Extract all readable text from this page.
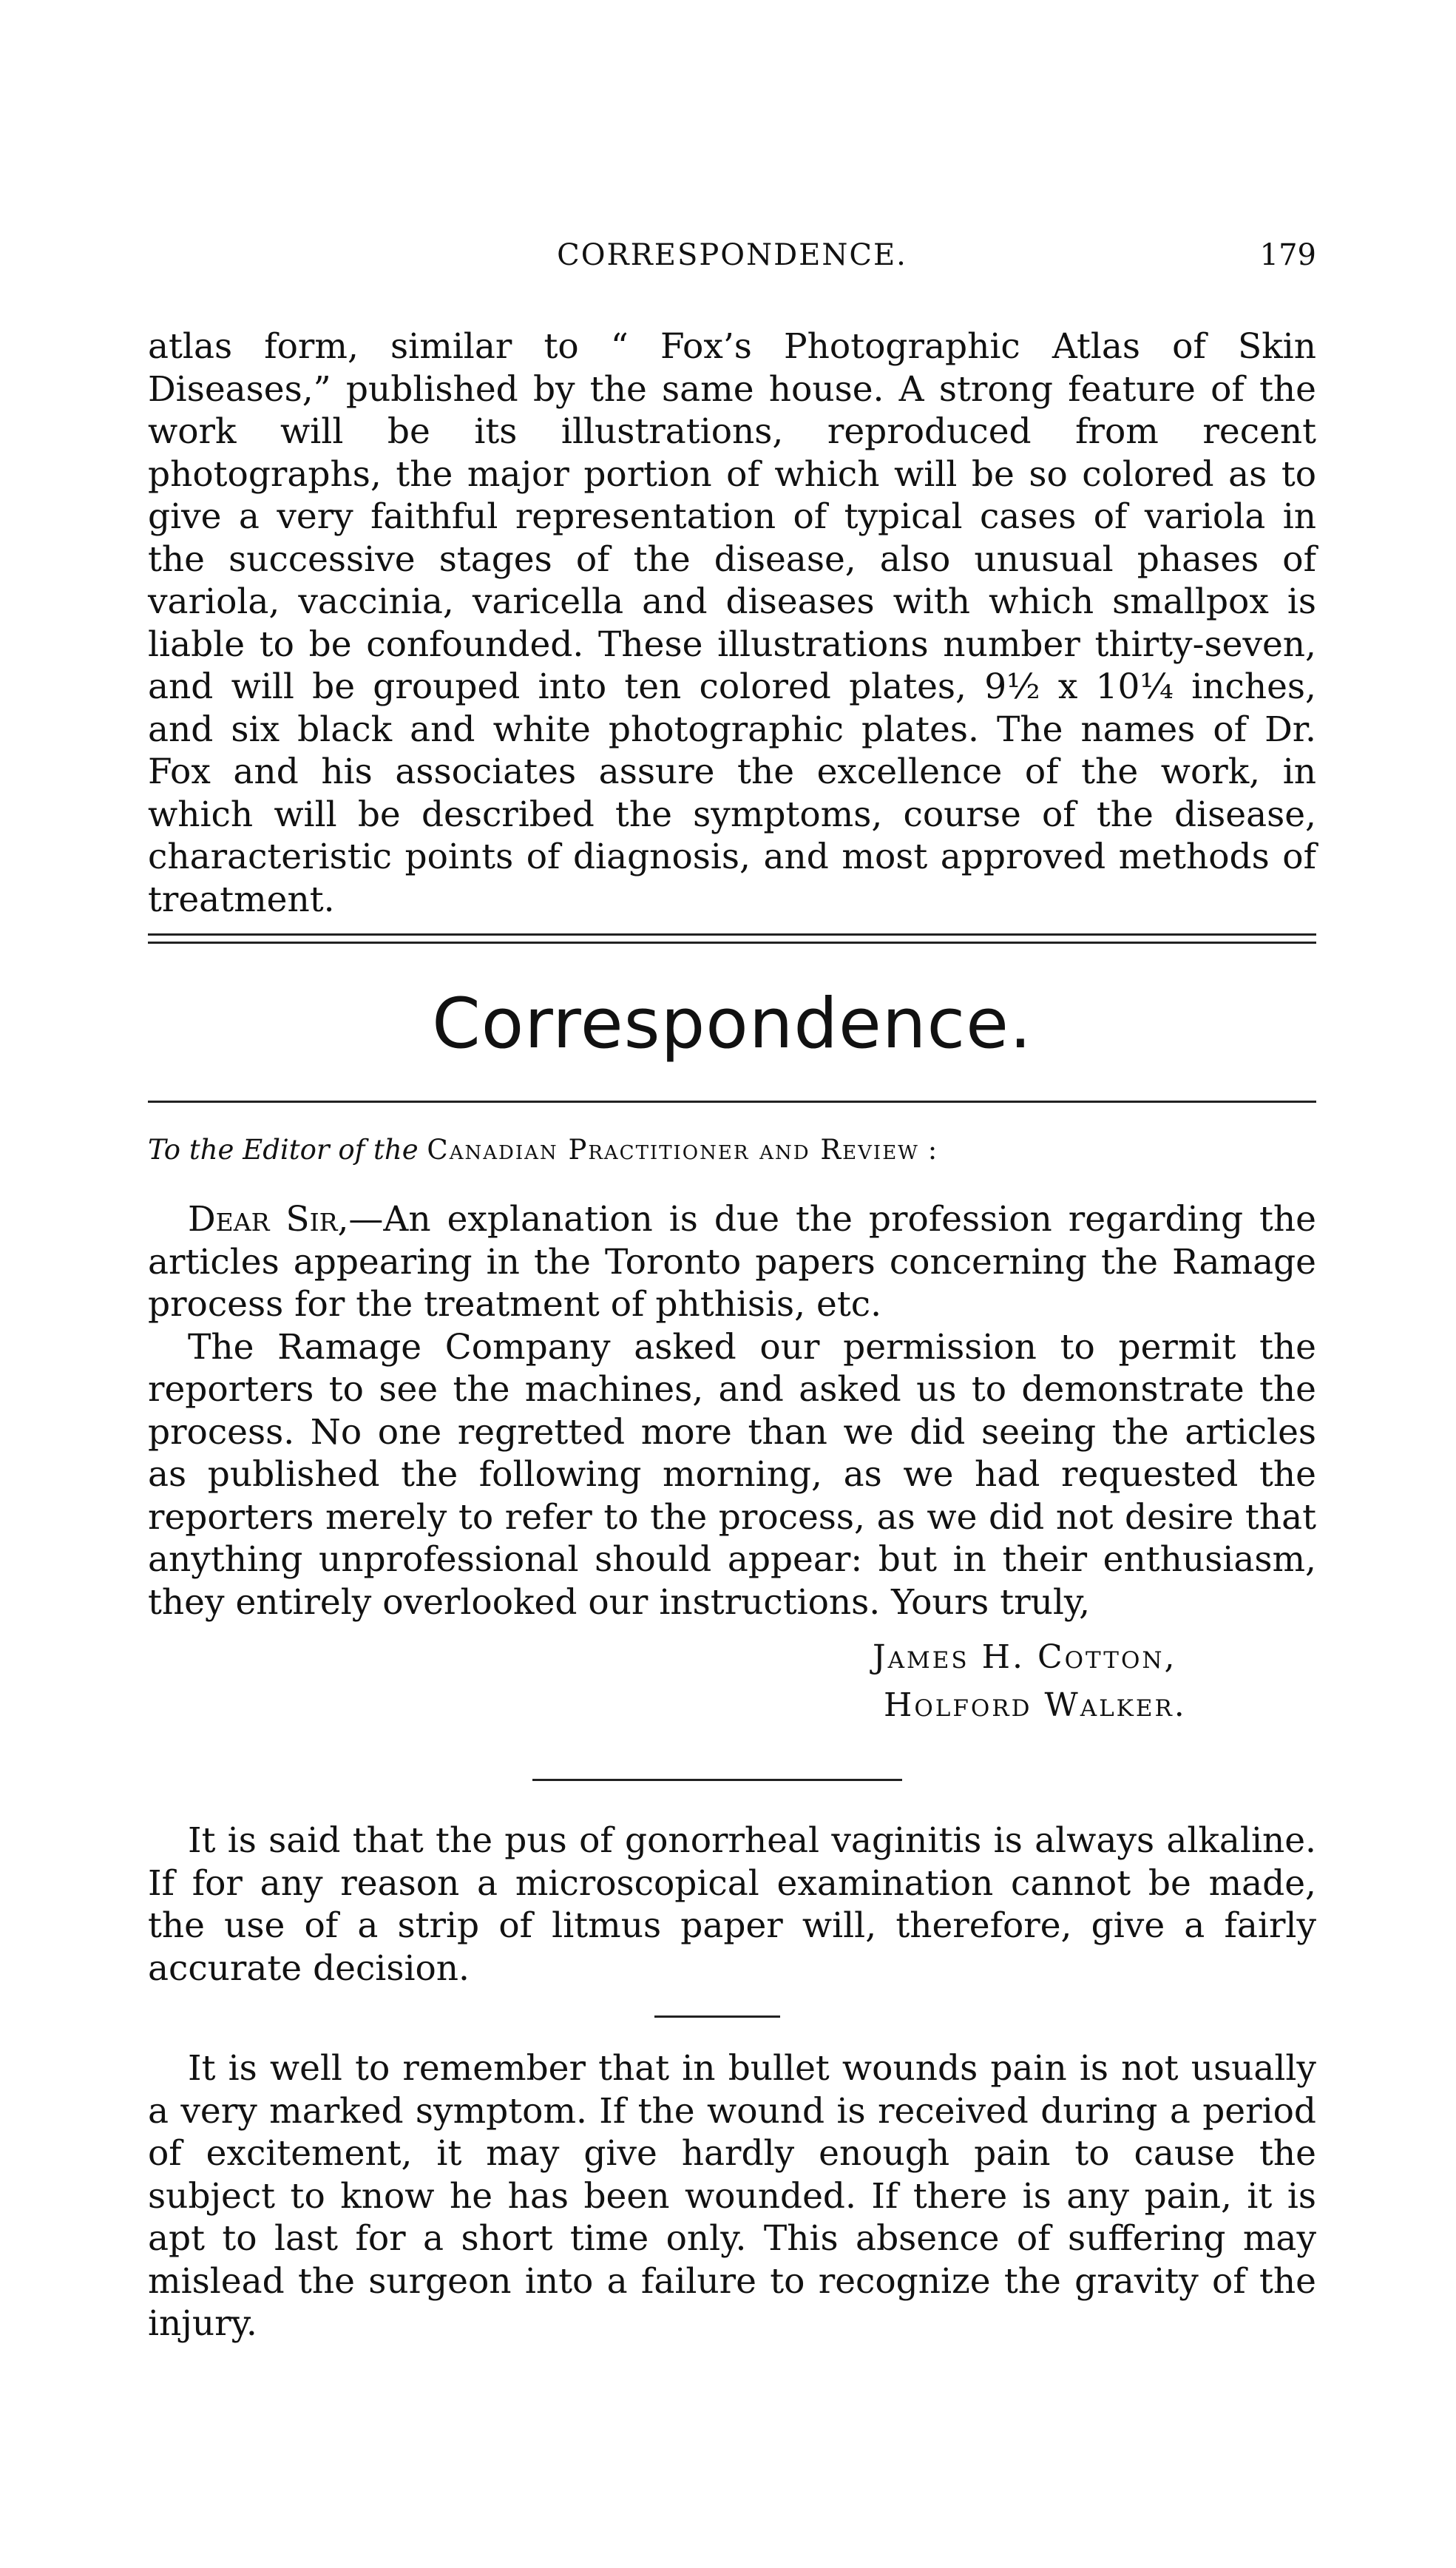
CORRESPONDENCE.	179

atlas form, similar to “ Fox’s Photographic Atlas of Skin Diseases,” published by the same house. A strong feature of the work will be its illustrations, reproduced from recent photographs, the major portion of which will be so colored as to give a very faithful representation of typical cases of variola in the successive stages of the disease, also unusual phases of variola, vaccinia, varicella and diseases with which smallpox is liable to be confounded. These illustrations number thirty-seven, and will be grouped into ten colored plates, 9½ x 10¼ inches, and six black and white photographic plates. The names of Dr. Fox and his associates assure the excellence of the work, in which will be described the symptoms, course of the disease, characteristic points of diagnosis, and most approved methods of treatment.

Correspondence.
To the Editor of the Canadian Practitioner and Review :

Dear Sir,—An explanation is due the profession regarding the articles appearing in the Toronto papers concerning the Ramage process for the treatment of phthisis, etc.

The Ramage Company asked our permission to permit the reporters to see the machines, and asked us to demonstrate the process. No one regretted more than we did seeing the articles as published the following morning, as we had requested the reporters merely to refer to the process, as we did not desire that anything unprofessional should appear: but in their enthusiasm, they entirely overlooked our instructions. Yours truly,

James H. Cotton,
Holford Walker.

It is said that the pus of gonorrheal vaginitis is always alkaline. If for any reason a microscopical examination cannot be made, the use of a strip of litmus paper will, therefore, give a fairly accurate decision.

It is well to remember that in bullet wounds pain is not usually a very marked symptom. If the wound is received during a period of excitement, it may give hardly enough pain to cause the subject to know he has been wounded. If there is any pain, it is apt to last for a short time only. This absence of suffering may mislead the surgeon into a failure to recognize the gravity of the injury.
